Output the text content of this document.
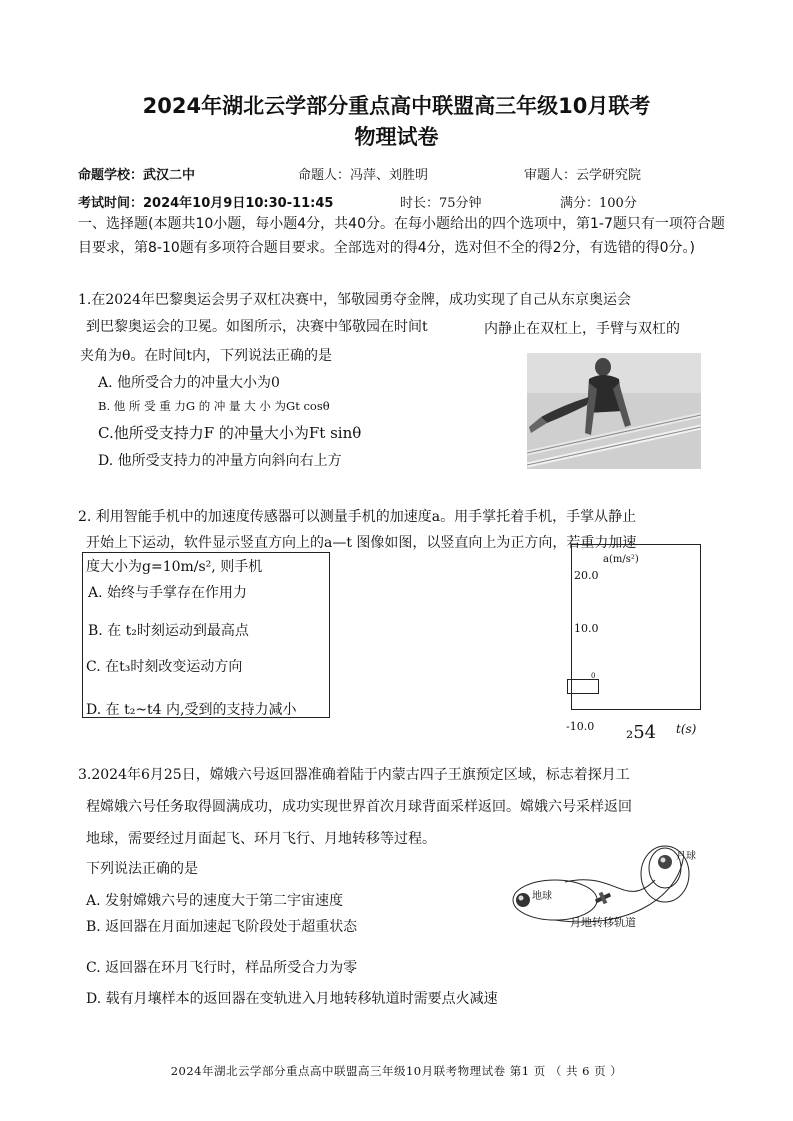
2024年湖北云学部分重点高中联盟高三年级10月联考
物理试卷
命题学校：武汉二中	命题人：冯萍、刘胜明	审题人：云学研究院
考试时间：2024年10月9日10:30-11:45	时长：75分钟	满分：100分
一、选择题(本题共10小题，每小题4分，共40分。在每小题给出的四个选项中，第1-7题只有一项符合题目要求，第8-10题有多项符合题目要求。全部选对的得4分，选对但不全的得2分，有选错的得0分。)
1.在2024年巴黎奥运会男子双杠决赛中，邹敬园勇夺金牌，成功实现了自己从东京奥运会
到巴黎奥运会的卫冕。如图所示，决赛中邹敬园在时间t	内静止在双杠上，手臂与双杠的
夹角为θ。在时间t内，下列说法正确的是
A. 他所受合力的冲量大小为0
B. 他 所 受 重 力G 的 冲 量 大 小 为Gt cosθ
C.他所受支持力F 的冲量大小为Ft sinθ
D. 他所受支持力的冲量方向斜向右上方
2. 利用智能手机中的加速度传感器可以测量手机的加速度a。用手掌托着手机，手掌从静止
开始上下运动，软件显示竖直方向上的a—t 图像如图，以竖直向上为正方向，若重力加速
度大小为g=10m/s², 则手机
A. 始终与手掌存在作用力
B. 在 t₂时刻运动到最高点
C. 在t₃时刻改变运动方向
D. 在 t₂~t4 内,受到的支持力减小
a(m/s²)
20.0
10.0
0
-10.0 ₂54 t(s)
3.2024年6月25日，嫦娥六号返回器准确着陆于内蒙古四子王旗预定区域，标志着探月工
程嫦娥六号任务取得圆满成功，成功实现世界首次月球背面采样返回。嫦娥六号采样返回
地球，需要经过月面起飞、环月飞行、月地转移等过程。
下列说法正确的是
A. 发射嫦娥六号的速度大于第二宇宙速度
B. 返回器在月面加速起飞阶段处于超重状态
C. 返回器在环月飞行时，样品所受合力为零
D. 载有月壤样本的返回器在变轨进入月地转移轨道时需要点火减速
地球
月球
月地转移轨道
2024年湖北云学部分重点高中联盟高三年级10月联考物理试卷 第1 页 （ 共 6 页 ）
